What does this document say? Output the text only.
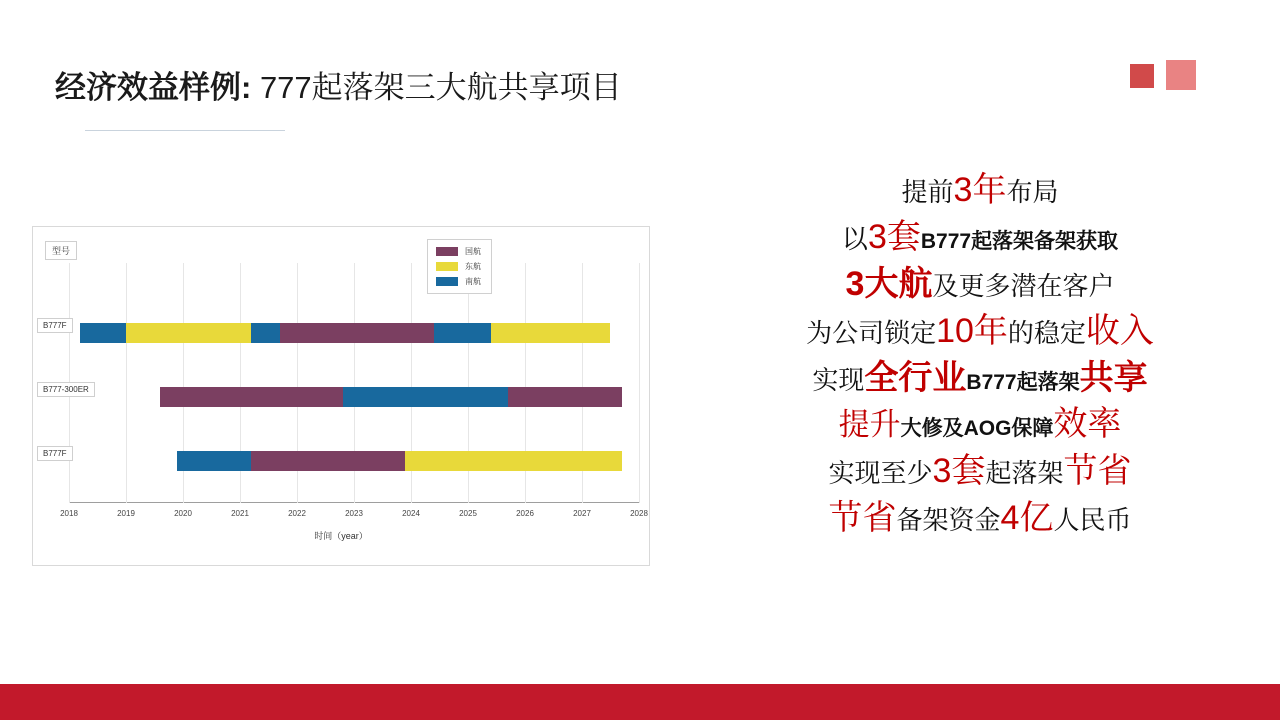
经济效益样例: 777起落架三大航共享项目
型号	国航
东航
南航
2018	2019	2020	2021	2022	2023	2024	2025	2026	2027	2028
B777F
B777-300ER
B777F
时间（year）
提前3年布局
以3套B777起落架备架获取
3大航及更多潜在客户
为公司锁定10年的稳定收入
实现全行业B777起落架共享
提升大修及AOG保障效率
实现至少3套起落架节省
节省备架资金4亿人民币
